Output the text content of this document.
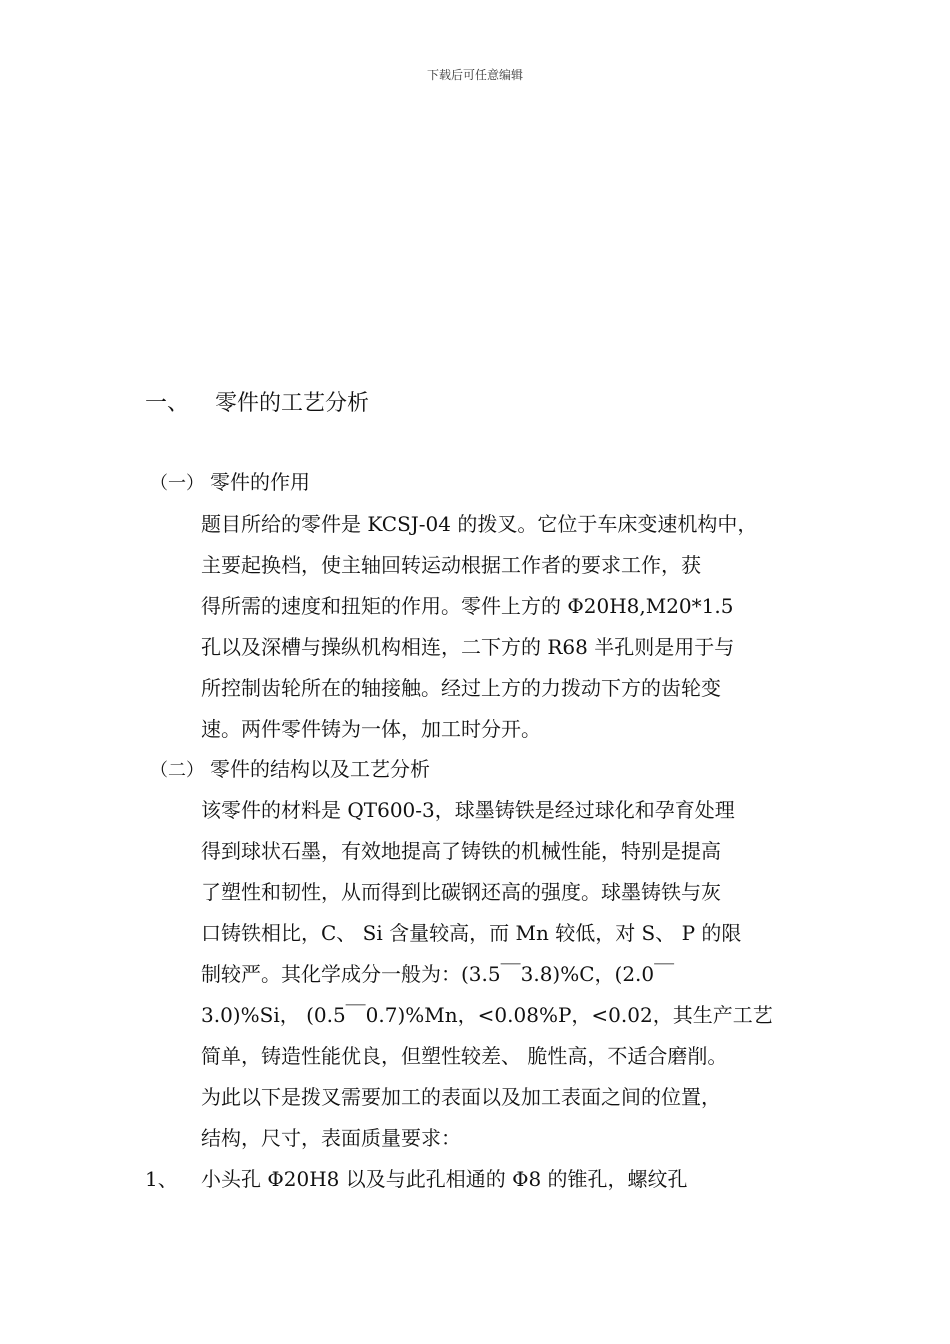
下载后可任意编辑
一、 零件的工艺分析
（一） 零件的作用
题目所给的零件是 KCSJ-04 的拨叉。它位于车床变速机构中，
主要起换档，使主轴回转运动根据工作者的要求工作，获
得所需的速度和扭矩的作用。零件上方的 Φ20H8,M20*1.5
孔以及深槽与操纵机构相连，二下方的 R68 半孔则是用于与
所控制齿轮所在的轴接触。经过上方的力拨动下方的齿轮变
速。两件零件铸为一体，加工时分开。
（二） 零件的结构以及工艺分析
该零件的材料是 QT600-3，球墨铸铁是经过球化和孕育处理
得到球状石墨，有效地提高了铸铁的机械性能，特别是提高
了塑性和韧性，从而得到比碳钢还高的强度。球墨铸铁与灰
口铸铁相比，C、 Si 含量较高，而 Mn 较低，对 S、 P 的限
制较严。其化学成分一般为：(3.5￣3.8)%C，(2.0￣
3.0)%Si， (0.5￣0.7)%Mn，<0.08%P，<0.02，其生产工艺
简单，铸造性能优良，但塑性较差、 脆性高，不适合磨削。
为此以下是拨叉需要加工的表面以及加工表面之间的位置，
结构，尺寸，表面质量要求：
1、 小头孔 Φ20H8 以及与此孔相通的 Φ8 的锥孔，螺纹孔
